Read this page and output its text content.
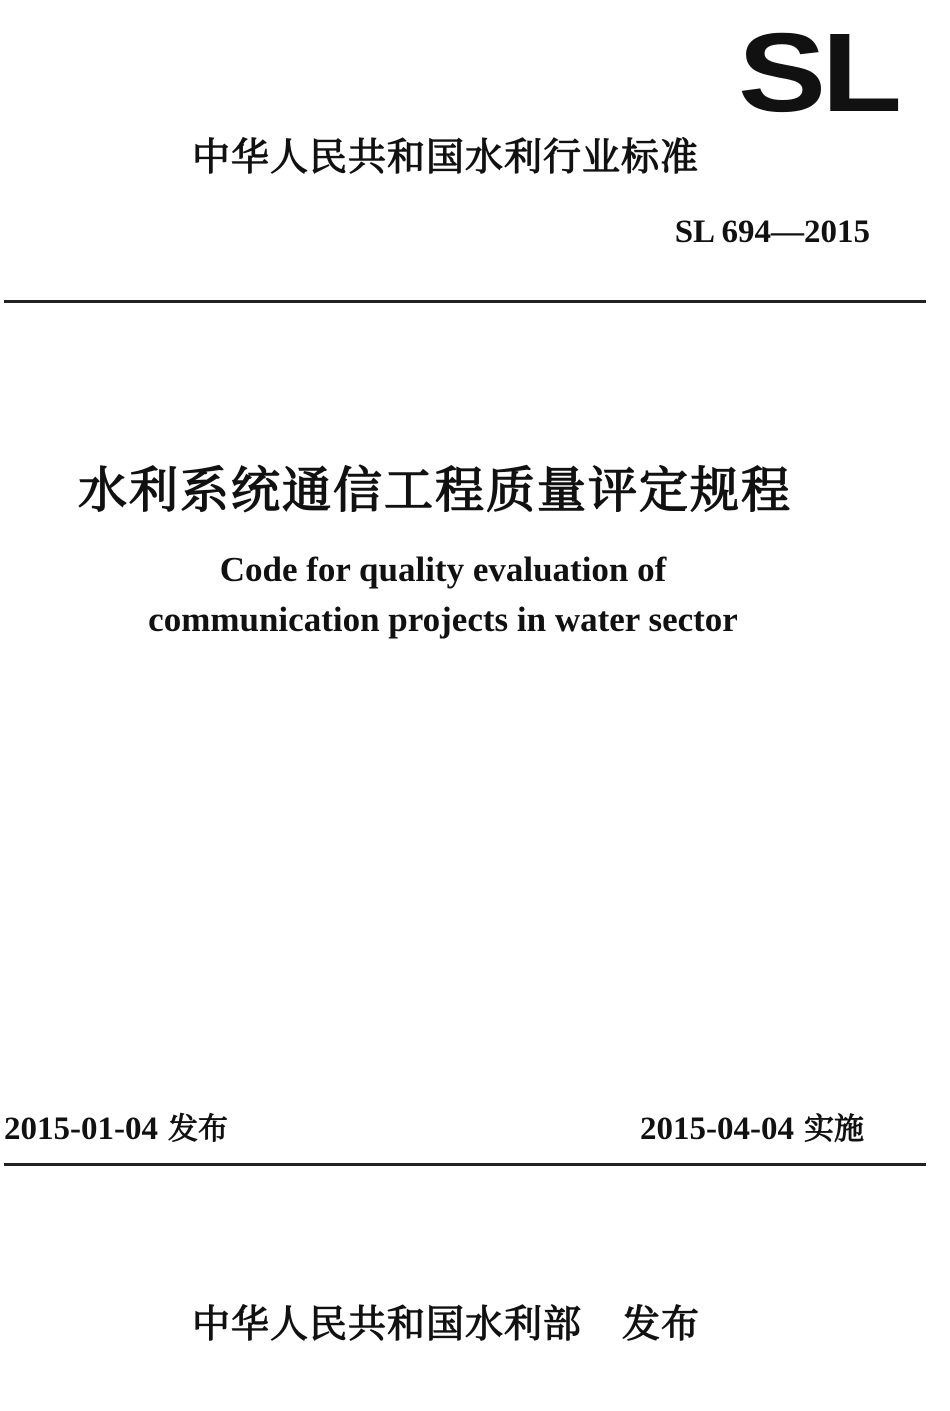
SL
中华人民共和国水利行业标准
SL 694—2015
水利系统通信工程质量评定规程
Code for quality evaluation of
communication projects in water sector
2015-01-04 发布	2015-04-04 实施
中华人民共和国水利部 发布
